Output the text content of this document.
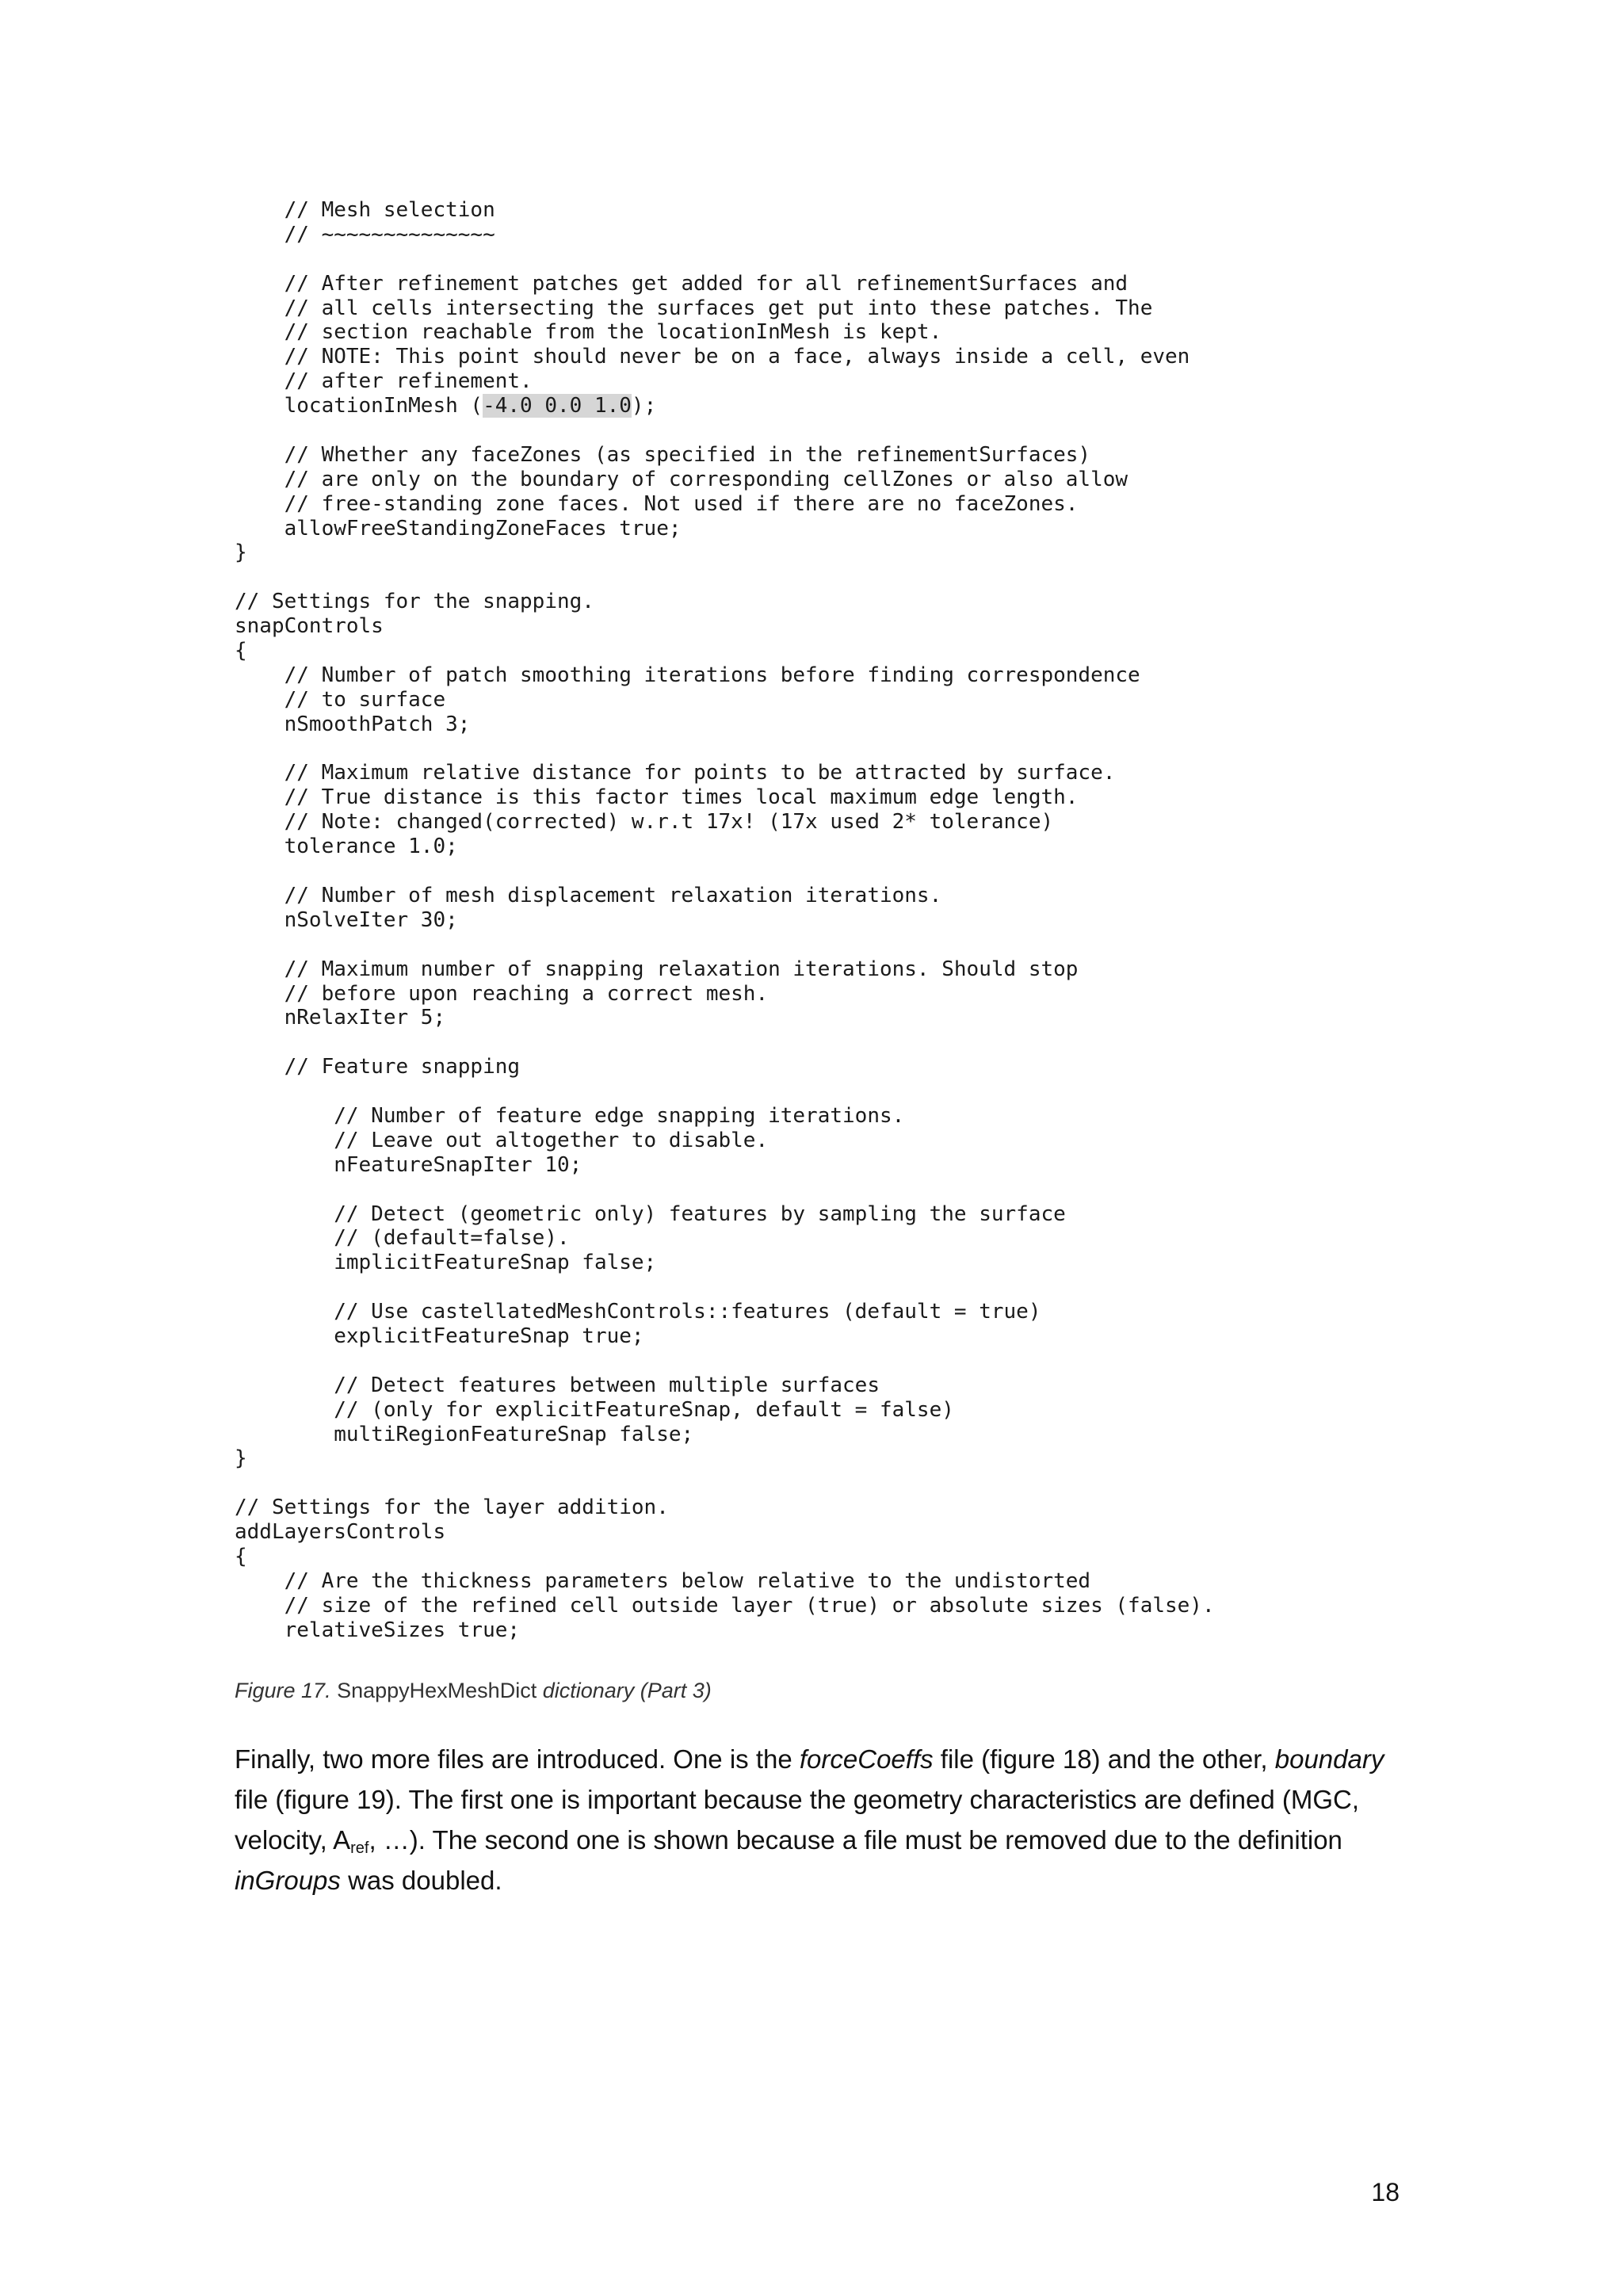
// Mesh selection
// ~~~~~~~~~~~~~~
// After refinement patches get added for all refinementSurfaces and
// all cells intersecting the surfaces get put into these patches. The
// section reachable from the locationInMesh is kept.
// NOTE: This point should never be on a face, always inside a cell, even
// after refinement.
locationInMesh (-4.0 0.0 1.0);
// Whether any faceZones (as specified in the refinementSurfaces)
// are only on the boundary of corresponding cellZones or also allow
// free-standing zone faces. Not used if there are no faceZones.
allowFreeStandingZoneFaces true;
}
// Settings for the snapping.
snapControls
{
// Number of patch smoothing iterations before finding correspondence
// to surface
nSmoothPatch 3;
// Maximum relative distance for points to be attracted by surface.
// True distance is this factor times local maximum edge length.
// Note: changed(corrected) w.r.t 17x! (17x used 2* tolerance)
tolerance 1.0;
// Number of mesh displacement relaxation iterations.
nSolveIter 30;
// Maximum number of snapping relaxation iterations. Should stop
// before upon reaching a correct mesh.
nRelaxIter 5;
// Feature snapping
// Number of feature edge snapping iterations.
// Leave out altogether to disable.
nFeatureSnapIter 10;
// Detect (geometric only) features by sampling the surface
// (default=false).
implicitFeatureSnap false;
// Use castellatedMeshControls::features (default = true)
explicitFeatureSnap true;
// Detect features between multiple surfaces
// (only for explicitFeatureSnap, default = false)
multiRegionFeatureSnap false;
}
// Settings for the layer addition.
addLayersControls
{
// Are the thickness parameters below relative to the undistorted
// size of the refined cell outside layer (true) or absolute sizes (false).
relativeSizes true;
Figure 17. SnappyHexMeshDict dictionary (Part 3)

Finally, two more files are introduced. One is the forceCoeffs file (figure 18) and the other, boundary file (figure 19). The first one is important because the geometry characteristics are defined (MGC, velocity, $A_{ref}$, …). The second one is shown because a file must be removed due to the definition inGroups was doubled.

18
